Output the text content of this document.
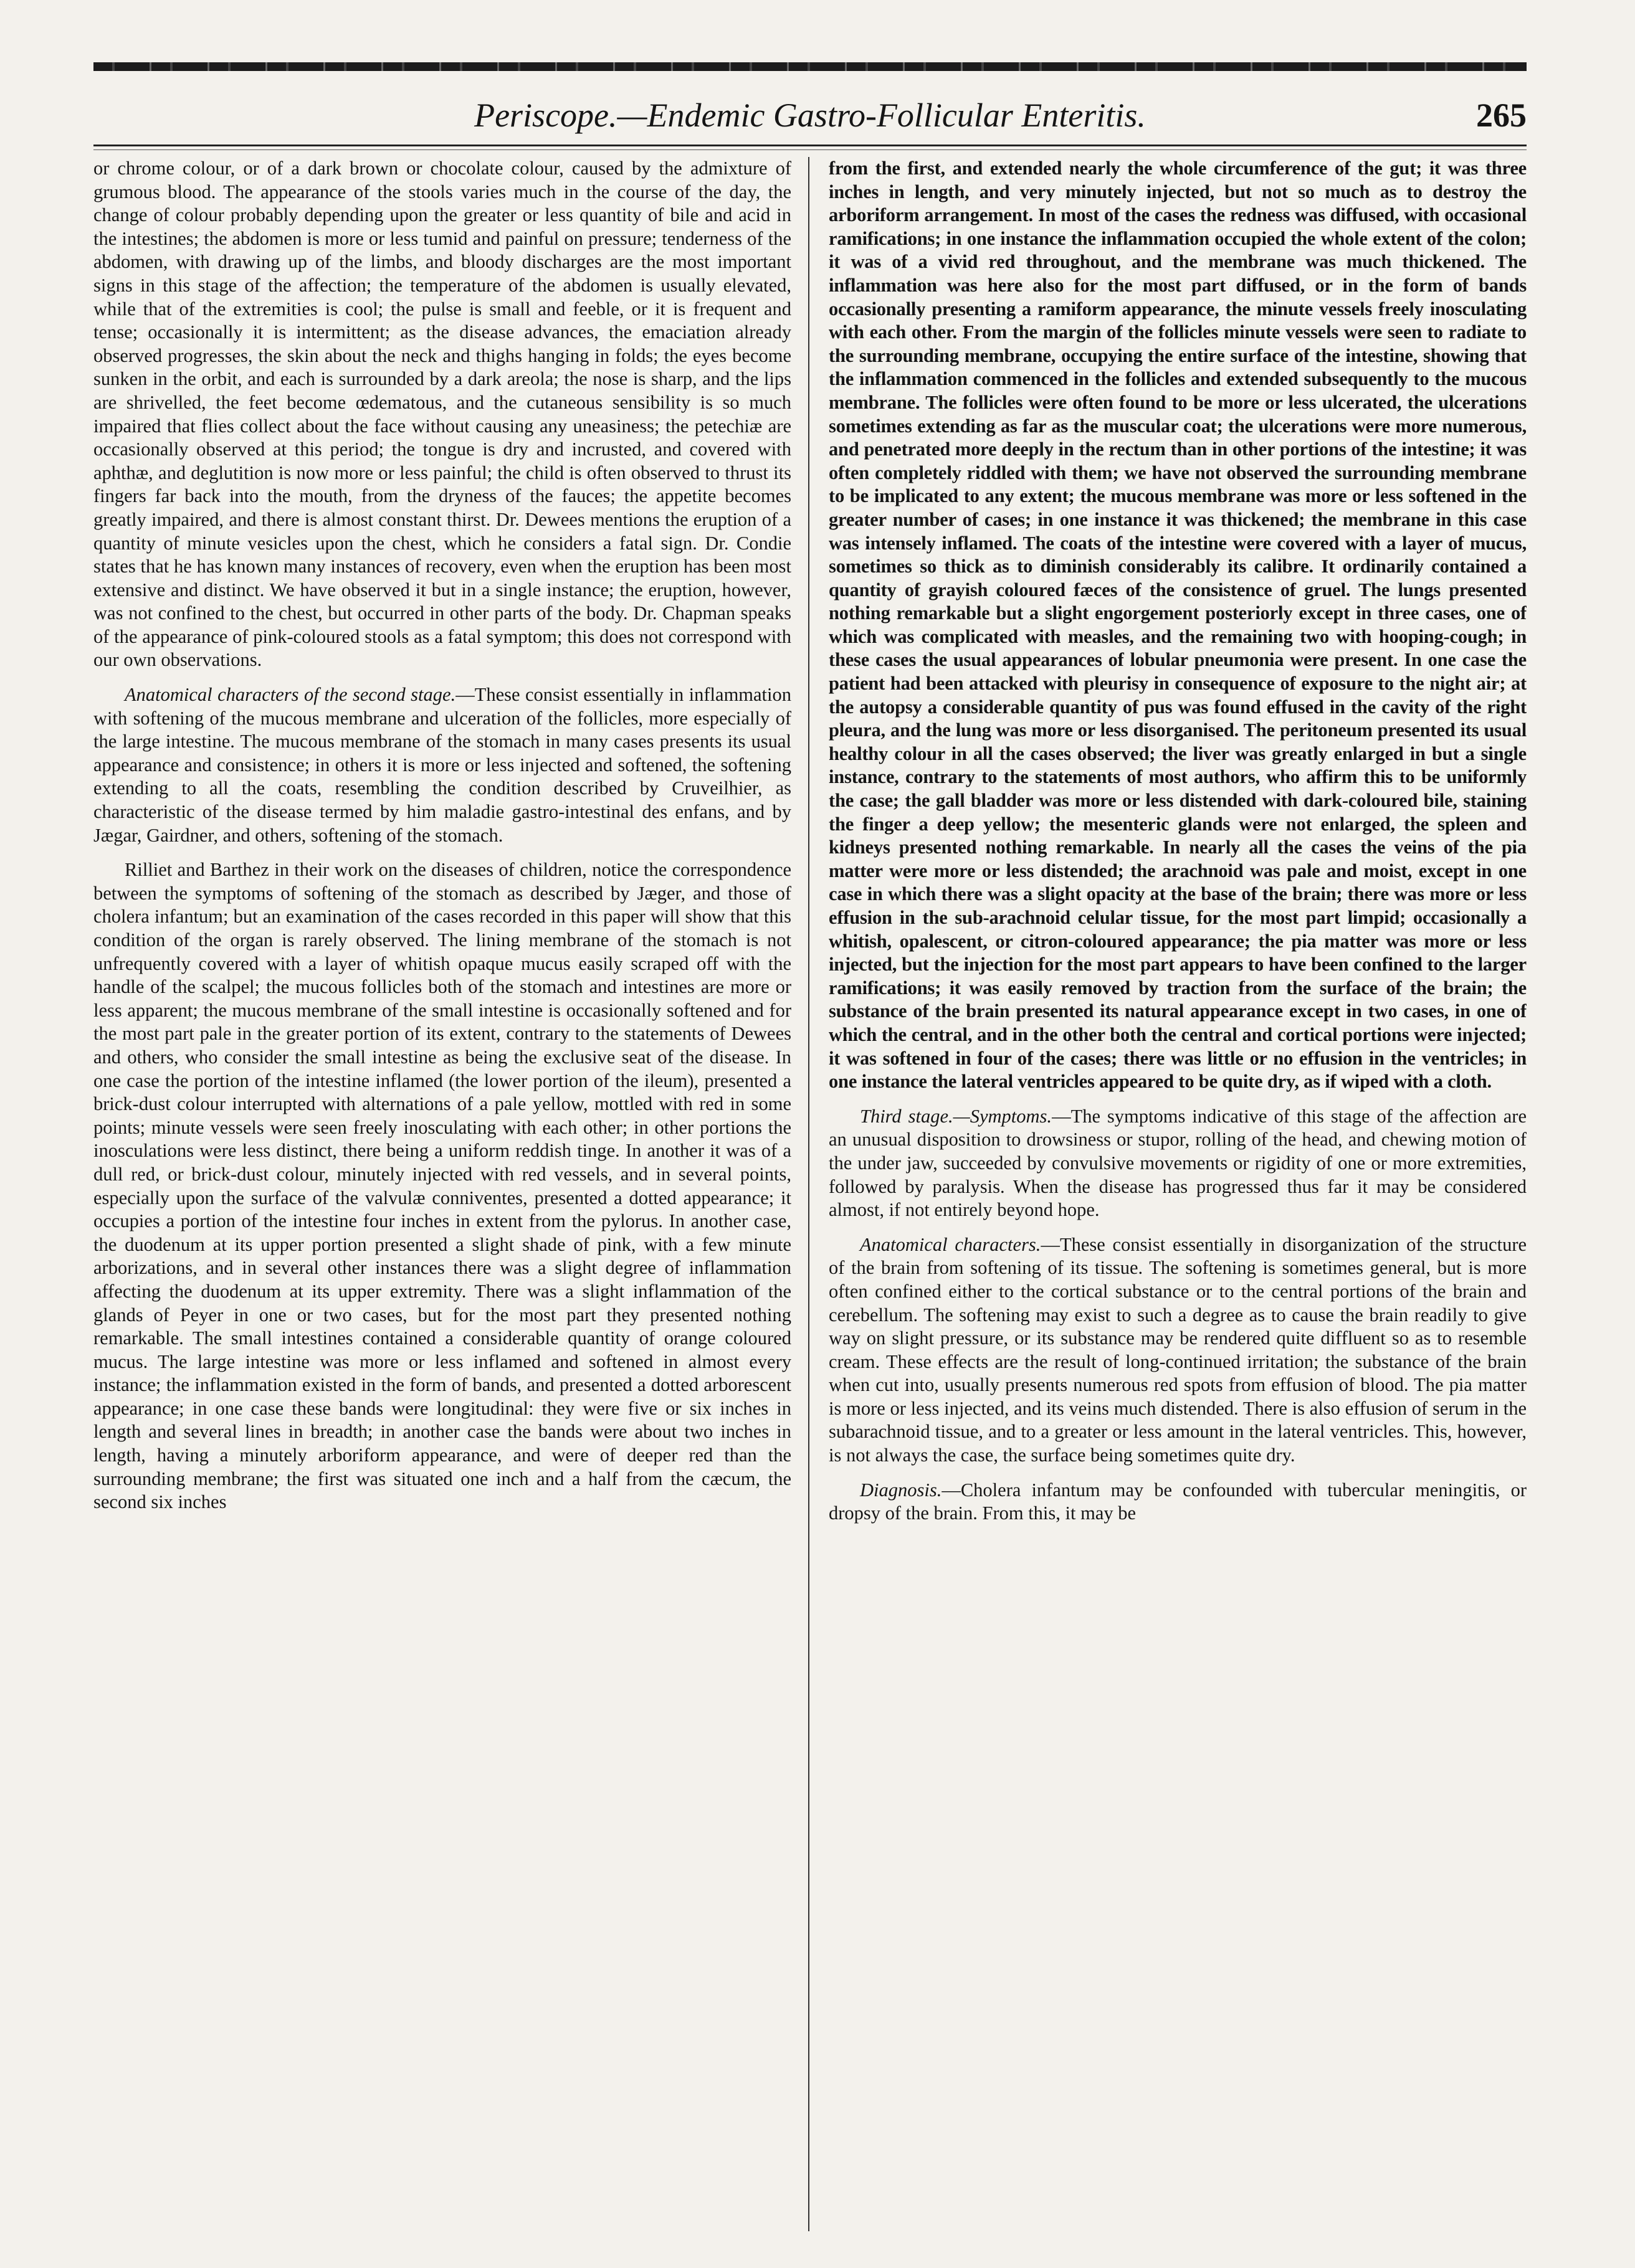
Periscope.—Endemic Gastro-Follicular Enteritis.	265

or chrome colour, or of a dark brown or chocolate colour, caused by the admixture of grumous blood. The appearance of the stools varies much in the course of the day, the change of colour probably depending upon the greater or less quantity of bile and acid in the intestines; the abdomen is more or less tumid and painful on pressure; tenderness of the abdomen, with drawing up of the limbs, and bloody discharges are the most important signs in this stage of the affection; the temperature of the abdomen is usually elevated, while that of the extremities is cool; the pulse is small and feeble, or it is frequent and tense; occasionally it is intermittent; as the disease advances, the emaciation already observed progresses, the skin about the neck and thighs hanging in folds; the eyes become sunken in the orbit, and each is surrounded by a dark areola; the nose is sharp, and the lips are shrivelled, the feet become œdematous, and the cutaneous sensibility is so much impaired that flies collect about the face without causing any uneasiness; the petechiæ are occasionally observed at this period; the tongue is dry and incrusted, and covered with aphthæ, and deglutition is now more or less painful; the child is often observed to thrust its fingers far back into the mouth, from the dryness of the fauces; the appetite becomes greatly impaired, and there is almost constant thirst. Dr. Dewees mentions the eruption of a quantity of minute vesicles upon the chest, which he considers a fatal sign. Dr. Condie states that he has known many instances of recovery, even when the eruption has been most extensive and distinct. We have observed it but in a single instance; the eruption, however, was not confined to the chest, but occurred in other parts of the body. Dr. Chapman speaks of the appearance of pink-coloured stools as a fatal symptom; this does not correspond with our own observations.

Anatomical characters of the second stage.—These consist essentially in inflammation with softening of the mucous membrane and ulceration of the follicles, more especially of the large intestine. The mucous membrane of the stomach in many cases presents its usual appearance and consistence; in others it is more or less injected and softened, the softening extending to all the coats, resembling the condition described by Cruveilhier, as characteristic of the disease termed by him maladie gastro-intestinal des enfans, and by Jægar, Gairdner, and others, softening of the stomach.

Rilliet and Barthez in their work on the diseases of children, notice the correspondence between the symptoms of softening of the stomach as described by Jæger, and those of cholera infantum; but an examination of the cases recorded in this paper will show that this condition of the organ is rarely observed. The lining membrane of the stomach is not unfrequently covered with a layer of whitish opaque mucus easily scraped off with the handle of the scalpel; the mucous follicles both of the stomach and intestines are more or less apparent; the mucous membrane of the small intestine is occasionally softened and for the most part pale in the greater portion of its extent, contrary to the statements of Dewees and others, who consider the small intestine as being the exclusive seat of the disease. In one case the portion of the intestine inflamed (the lower portion of the ileum), presented a brick-dust colour interrupted with alternations of a pale yellow, mottled with red in some points; minute vessels were seen freely inosculating with each other; in other portions the inosculations were less distinct, there being a uniform reddish tinge. In another it was of a dull red, or brick-dust colour, minutely injected with red vessels, and in several points, especially upon the surface of the valvulæ conniventes, presented a dotted appearance; it occupies a portion of the intestine four inches in extent from the pylorus. In another case, the duodenum at its upper portion presented a slight shade of pink, with a few minute arborizations, and in several other instances there was a slight degree of inflammation affecting the duodenum at its upper extremity. There was a slight inflammation of the glands of Peyer in one or two cases, but for the most part they presented nothing remarkable. The small intestines contained a considerable quantity of orange coloured mucus. The large intestine was more or less inflamed and softened in almost every instance; the inflammation existed in the form of bands, and presented a dotted arborescent appearance; in one case these bands were longitudinal: they were five or six inches in length and several lines in breadth; in another case the bands were about two inches in length, having a minutely arboriform appearance, and were of deeper red than the surrounding membrane; the first was situated one inch and a half from the cæcum, the second six inches

from the first, and extended nearly the whole circumference of the gut; it was three inches in length, and very minutely injected, but not so much as to destroy the arboriform arrangement. In most of the cases the redness was diffused, with occasional ramifications; in one instance the inflammation occupied the whole extent of the colon; it was of a vivid red throughout, and the membrane was much thickened. The inflammation was here also for the most part diffused, or in the form of bands occasionally presenting a ramiform appearance, the minute vessels freely inosculating with each other. From the margin of the follicles minute vessels were seen to radiate to the surrounding membrane, occupying the entire surface of the intestine, showing that the inflammation commenced in the follicles and extended subsequently to the mucous membrane. The follicles were often found to be more or less ulcerated, the ulcerations sometimes extending as far as the muscular coat; the ulcerations were more numerous, and penetrated more deeply in the rectum than in other portions of the intestine; it was often completely riddled with them; we have not observed the surrounding membrane to be implicated to any extent; the mucous membrane was more or less softened in the greater number of cases; in one instance it was thickened; the membrane in this case was intensely inflamed. The coats of the intestine were covered with a layer of mucus, sometimes so thick as to diminish considerably its calibre. It ordinarily contained a quantity of grayish coloured fæces of the consistence of gruel. The lungs presented nothing remarkable but a slight engorgement posteriorly except in three cases, one of which was complicated with measles, and the remaining two with hooping-cough; in these cases the usual appearances of lobular pneumonia were present. In one case the patient had been attacked with pleurisy in consequence of exposure to the night air; at the autopsy a considerable quantity of pus was found effused in the cavity of the right pleura, and the lung was more or less disorganised. The peritoneum presented its usual healthy colour in all the cases observed; the liver was greatly enlarged in but a single instance, contrary to the statements of most authors, who affirm this to be uniformly the case; the gall bladder was more or less distended with dark-coloured bile, staining the finger a deep yellow; the mesenteric glands were not enlarged, the spleen and kidneys presented nothing remarkable. In nearly all the cases the veins of the pia matter were more or less distended; the arachnoid was pale and moist, except in one case in which there was a slight opacity at the base of the brain; there was more or less effusion in the sub-arachnoid celular tissue, for the most part limpid; occasionally a whitish, opalescent, or citron-coloured appearance; the pia matter was more or less injected, but the injection for the most part appears to have been confined to the larger ramifications; it was easily removed by traction from the surface of the brain; the substance of the brain presented its natural appearance except in two cases, in one of which the central, and in the other both the central and cortical portions were injected; it was softened in four of the cases; there was little or no effusion in the ventricles; in one instance the lateral ventricles appeared to be quite dry, as if wiped with a cloth.

Third stage.—Symptoms.—The symptoms indicative of this stage of the affection are an unusual disposition to drowsiness or stupor, rolling of the head, and chewing motion of the under jaw, succeeded by convulsive movements or rigidity of one or more extremities, followed by paralysis. When the disease has progressed thus far it may be considered almost, if not entirely beyond hope.

Anatomical characters.—These consist essentially in disorganization of the structure of the brain from softening of its tissue. The softening is sometimes general, but is more often confined either to the cortical substance or to the central portions of the brain and cerebellum. The softening may exist to such a degree as to cause the brain readily to give way on slight pressure, or its substance may be rendered quite diffluent so as to resemble cream. These effects are the result of long-continued irritation; the substance of the brain when cut into, usually presents numerous red spots from effusion of blood. The pia matter is more or less injected, and its veins much distended. There is also effusion of serum in the subarachnoid tissue, and to a greater or less amount in the lateral ventricles. This, however, is not always the case, the surface being sometimes quite dry.

Diagnosis.—Cholera infantum may be confounded with tubercular meningitis, or dropsy of the brain. From this, it may be
